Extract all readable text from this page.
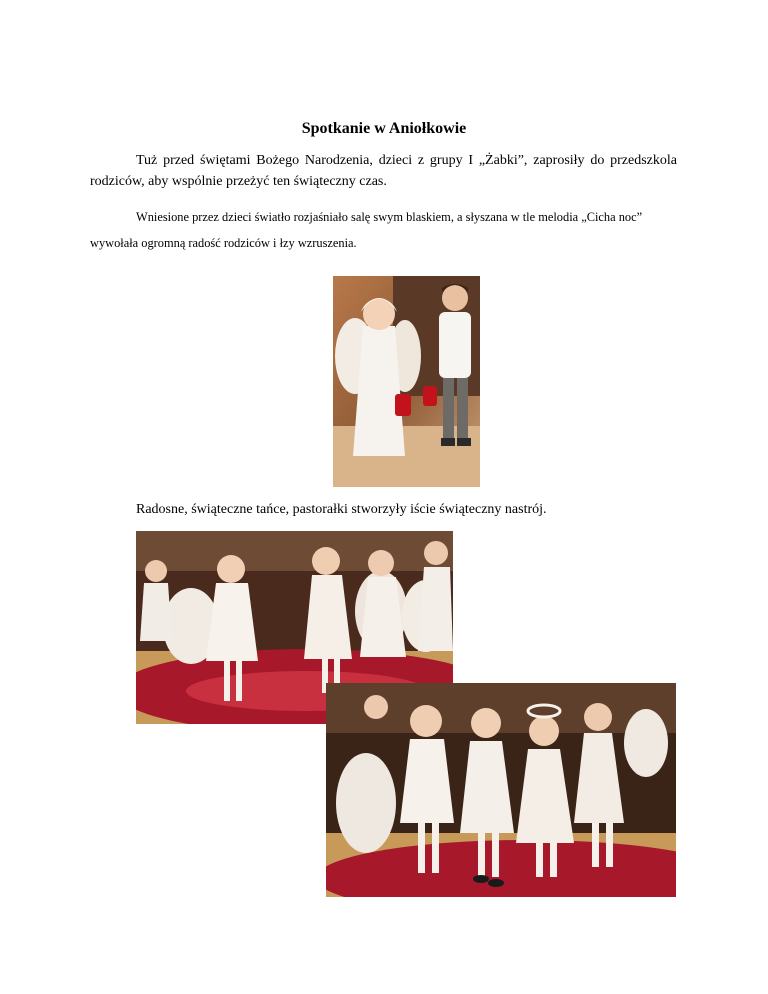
Spotkanie w Aniołkowie
Tuż przed świętami Bożego Narodzenia, dzieci z grupy I „Żabki”, zaprosiły do przedszkola rodziców, aby wspólnie przeżyć ten świąteczny czas.
Wniesione przez dzieci światło rozjaśniało salę swym blaskiem, a słyszana w tle melodia „Cicha noc” wywołała ogromną radość rodziców i łzy wzruszenia.
Radosne, świąteczne tańce, pastorałki stworzyły iście świąteczny nastrój.
